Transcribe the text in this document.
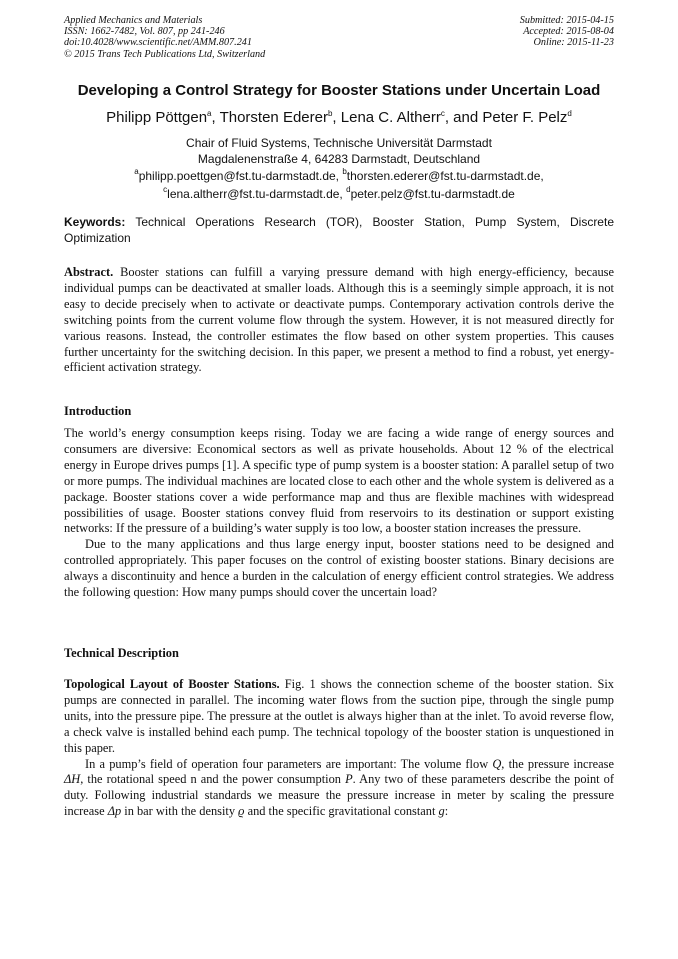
Applied Mechanics and Materials
ISSN: 1662-7482, Vol. 807, pp 241-246
doi:10.4028/www.scientific.net/AMM.807.241
© 2015 Trans Tech Publications Ltd, Switzerland
Submitted: 2015-04-15
Accepted: 2015-08-04
Online: 2015-11-23
Developing a Control Strategy for Booster Stations under Uncertain Load
Philipp Pöttgen$^a$, Thorsten Ederer$^b$, Lena C. Altherr$^c$, and Peter F. Pelz$^d$
Chair of Fluid Systems, Technische Universität Darmstadt
Magdalenenstraße 4, 64283 Darmstadt, Deutschland
$^a$philipp.poettgen@fst.tu-darmstadt.de, $^b$thorsten.ederer@fst.tu-darmstadt.de,
$^c$lena.altherr@fst.tu-darmstadt.de, $^d$peter.pelz@fst.tu-darmstadt.de
Keywords: Technical Operations Research (TOR), Booster Station, Pump System, Discrete Optimization
Abstract. Booster stations can fulfill a varying pressure demand with high energy-efficiency, because individual pumps can be deactivated at smaller loads. Although this is a seemingly simple approach, it is not easy to decide precisely when to activate or deactivate pumps. Contemporary activation controls derive the switching points from the current volume flow through the system. However, it is not measured directly for various reasons. Instead, the controller estimates the flow based on other system properties. This causes further uncertainty for the switching decision. In this paper, we present a method to find a robust, yet energy-efficient activation strategy.
Introduction

The world’s energy consumption keeps rising. Today we are facing a wide range of energy sources and consumers are diversive: Economical sectors as well as private households. About 12 % of the electrical energy in Europe drives pumps [1]. A specific type of pump system is a booster station: A parallel setup of two or more pumps. The individual machines are located close to each other and the whole system is delivered as a package. Booster stations cover a wide performance map and thus are flexible machines with widespread possibilities of usage. Booster stations convey fluid from reservoirs to its destination or support existing networks: If the pressure of a building’s water supply is too low, a booster station increases the pressure.

Due to the many applications and thus large energy input, booster stations need to be designed and controlled appropriately. This paper focuses on the control of existing booster stations. Binary decisions are always a discontinuity and hence a burden in the calculation of energy efficient control strategies. We address the following question: How many pumps should cover the uncertain load?

Technical Description

Topological Layout of Booster Stations. Fig. 1 shows the connection scheme of the booster station. Six pumps are connected in parallel. The incoming water flows from the suction pipe, through the single pump units, into the pressure pipe. The pressure at the outlet is always higher than at the inlet. To avoid reverse flow, a check valve is installed behind each pump. The technical topology of the booster station is unquestioned in this paper.

In a pump’s field of operation four parameters are important: The volume flow Q, the pressure increase ΔH, the rotational speed n and the power consumption P. Any two of these parameters describe the point of duty. Following industrial standards we measure the pressure increase in meter by scaling the pressure increase Δp in bar with the density ϱ and the specific gravitational constant g:
